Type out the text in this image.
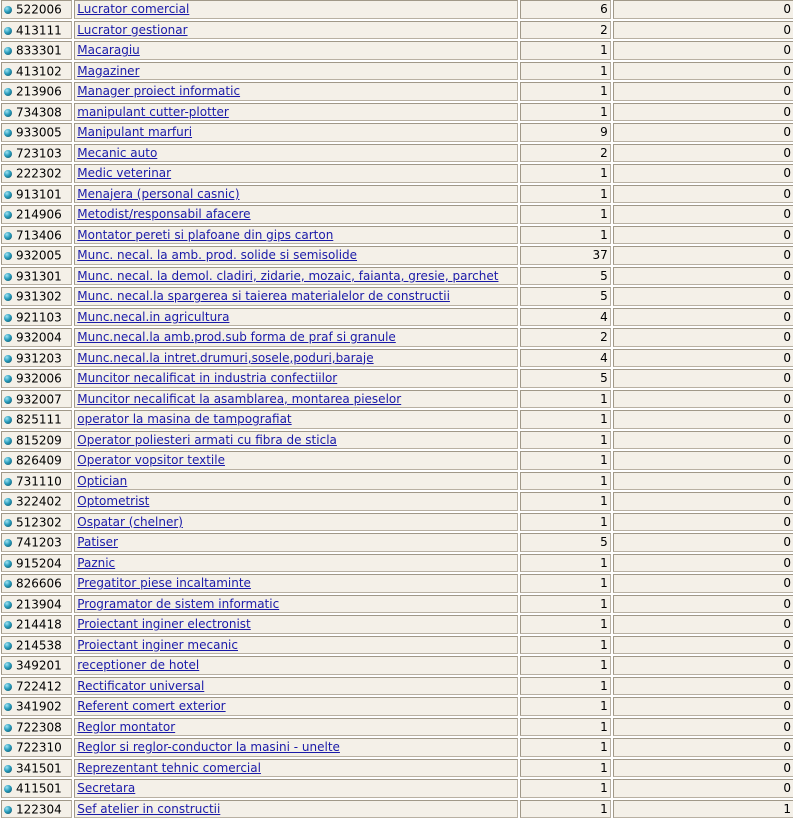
522006	Lucrator comercial	6	0
413111	Lucrator gestionar	2	0
833301	Macaragiu	1	0
413102	Magaziner	1	0
213906	Manager proiect informatic	1	0
734308	manipulant cutter-plotter	1	0
933005	Manipulant marfuri	9	0
723103	Mecanic auto	2	0
222302	Medic veterinar	1	0
913101	Menajera (personal casnic)	1	0
214906	Metodist/responsabil afacere	1	0
713406	Montator pereti si plafoane din gips carton	1	0
932005	Munc. necal. la amb. prod. solide si semisolide	37	0
931301	Munc. necal. la demol. cladiri, zidarie, mozaic, faianta, gresie, parchet	5	0
931302	Munc. necal.la spargerea si taierea materialelor de constructii	5	0
921103	Munc.necal.in agricultura	4	0
932004	Munc.necal.la amb.prod.sub forma de praf si granule	2	0
931203	Munc.necal.la intret.drumuri,sosele,poduri,baraje	4	0
932006	Muncitor necalificat in industria confectiilor	5	0
932007	Muncitor necalificat la asamblarea, montarea pieselor	1	0
825111	operator la masina de tampografiat	1	0
815209	Operator poliesteri armati cu fibra de sticla	1	0
826409	Operator vopsitor textile	1	0
731110	Optician	1	0
322402	Optometrist	1	0
512302	Ospatar (chelner)	1	0
741203	Patiser	5	0
915204	Paznic	1	0
826606	Pregatitor piese incaltaminte	1	0
213904	Programator de sistem informatic	1	0
214418	Proiectant inginer electronist	1	0
214538	Proiectant inginer mecanic	1	0
349201	receptioner de hotel	1	0
722412	Rectificator universal	1	0
341902	Referent comert exterior	1	0
722308	Reglor montator	1	0
722310	Reglor si reglor-conductor la masini - unelte	1	0
341501	Reprezentant tehnic comercial	1	0
411501	Secretara	1	0
122304	Sef atelier in constructii	1	1
